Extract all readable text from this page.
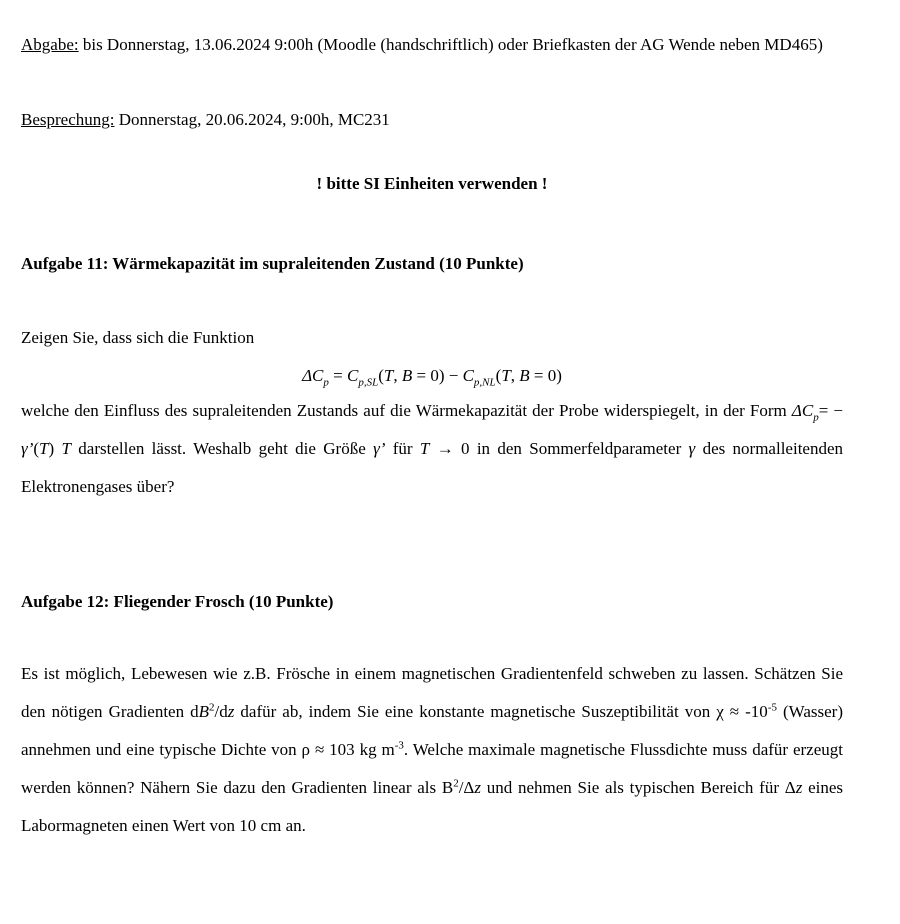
Abgabe: bis Donnerstag, 13.06.2024 9:00h (Moodle (handschriftlich) oder Briefkasten der AG Wende neben MD465)

Besprechung: Donnerstag, 20.06.2024, 9:00h, MC231

! bitte SI Einheiten verwenden !

Aufgabe 11: Wärmekapazität im supraleitenden Zustand (10 Punkte)

Zeigen Sie, dass sich die Funktion

$\Delta C_p = C_{p,SL}(T$, $B = 0) - C_{p,NL}(T$, B = 0)

welche den Einfluss des supraleitenden Zustands auf die Wärmekapazität der Probe widerspiegelt, in der Form $\Delta C_p=$ − γ’(T) T darstellen lässt. Weshalb geht die Größe γ’ für T → 0 in den Sommerfeldparameter γ des normalleitenden Elektronengases über?

Aufgabe 12: Fliegender Frosch (10 Punkte)

Es ist möglich, Lebewesen wie z.B. Frösche in einem magnetischen Gradientenfeld schweben zu lassen. Schätzen Sie den nötigen Gradienten $dB^2/dz$ dafür ab, indem Sie eine konstante magnetische Suszeptibilität von $\chi \approx -10^{-5}$ (Wasser) annehmen und eine typische Dichte von ρ ≈ 103 kg $m^{-3}$. Welche maximale magnetische Flussdichte muss dafür erzeugt werden können? Nähern Sie dazu den Gradienten linear als $B^2/\Delta z$ und nehmen Sie als typischen Bereich für Δz eines Labormagneten einen Wert von 10 cm an.
